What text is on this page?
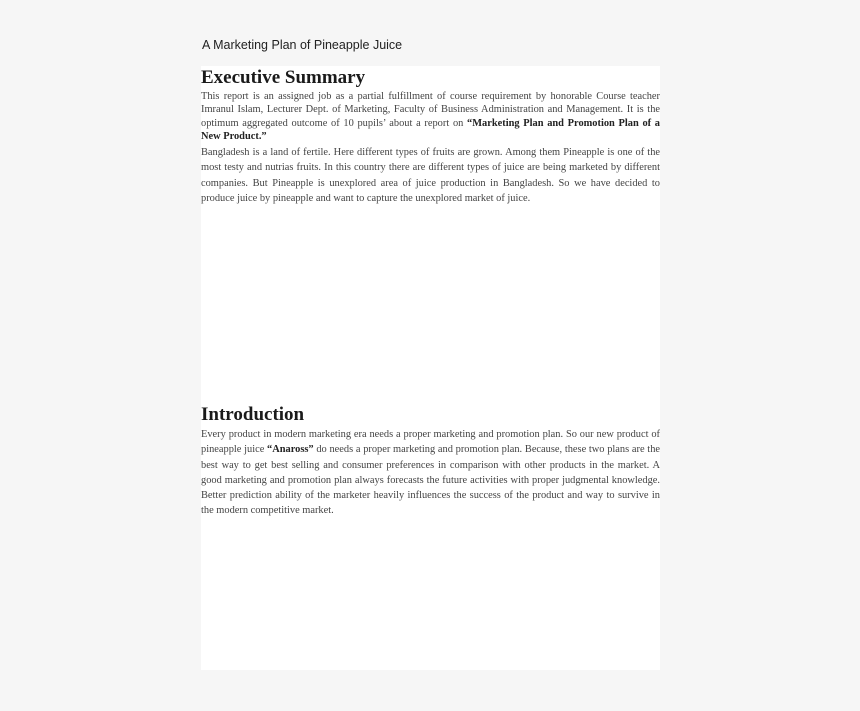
A Marketing Plan of Pineapple Juice
Executive Summary

This report is an assigned job as a partial fulfillment of course requirement by honorable Course teacher Imranul Islam, Lecturer Dept. of Marketing, Faculty of Business Administration and Management. It is the optimum aggregated outcome of 10 pupils’ about a report on “Marketing Plan and Promotion Plan of a New Product.”

Bangladesh is a land of fertile. Here different types of fruits are grown. Among them Pineapple is one of the most testy and nutrias fruits. In this country there are different types of juice are being marketed by different companies. But Pineapple is unexplored area of juice production in Bangladesh. So we have decided to produce juice by pineapple and want to capture the unexplored market of juice.

Introduction

Every product in modern marketing era needs a proper marketing and promotion plan. So our new product of pineapple juice “Anaross” do needs a proper marketing and promotion plan. Because, these two plans are the best way to get best selling and consumer preferences in comparison with other products in the market. A good marketing and promotion plan always forecasts the future activities with proper judgmental knowledge. Better prediction ability of the marketer heavily influences the success of the product and way to survive in the modern competitive market.
